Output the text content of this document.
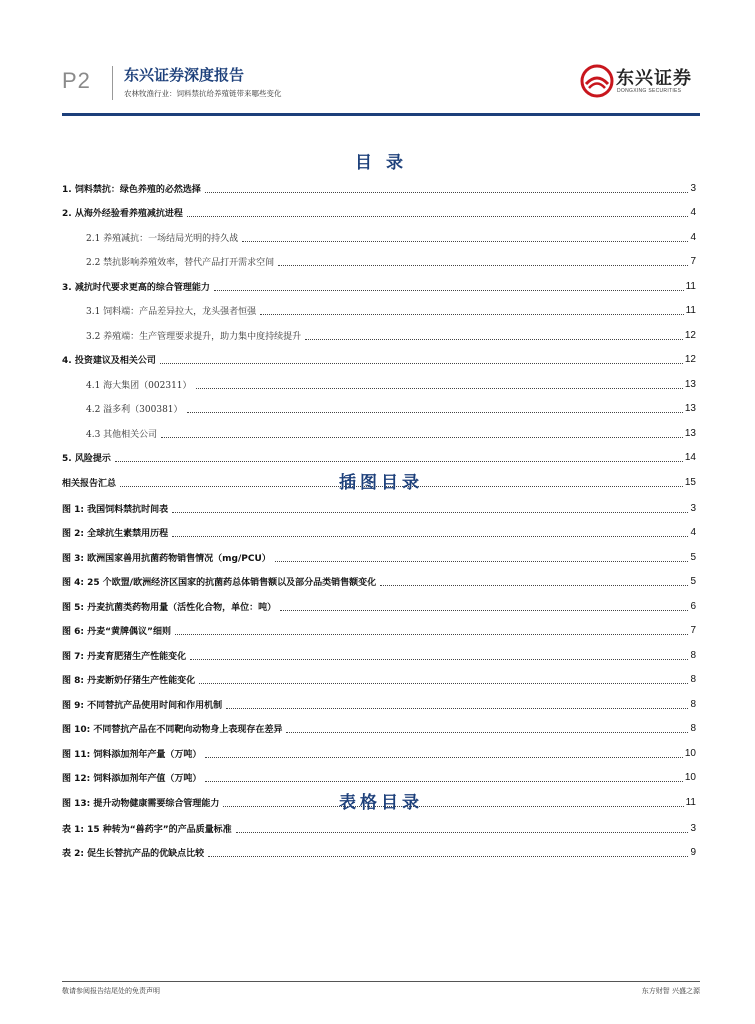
P2 东兴证券深度报告
农林牧渔行业：饲料禁抗给养殖链带来哪些变化
东兴证券
DONGXING SECURITIES
目 录
1. 饲料禁抗：绿色养殖的必然选择	3
2. 从海外经验看养殖减抗进程	4
2.1 养殖减抗：一场结局光明的持久战	4
2.2 禁抗影响养殖效率，替代产品打开需求空间	7
3. 减抗时代要求更高的综合管理能力	11
3.1 饲料端：产品差异拉大，龙头强者恒强	11
3.2 养殖端：生产管理要求提升，助力集中度持续提升	12
4. 投资建议及相关公司	12
4.1 海大集团（002311）	13
4.2 溢多利（300381）	13
4.3 其他相关公司	13
5. 风险提示	14
相关报告汇总	15
插图目录
图 1: 我国饲料禁抗时间表	3
图 2: 全球抗生素禁用历程	4
图 3: 欧洲国家兽用抗菌药物销售情况（mg/PCU）	5
图 4: 25 个欧盟/欧洲经济区国家的抗菌药总体销售额以及部分品类销售额变化	5
图 5: 丹麦抗菌类药物用量（活性化合物，单位：吨）	6
图 6: 丹麦“黄牌偶议”细则	7
图 7: 丹麦育肥猪生产性能变化	8
图 8: 丹麦断奶仔猪生产性能变化	8
图 9: 不同替抗产品使用时间和作用机制	8
图 10: 不同替抗产品在不同靶向动物身上表现存在差异	8
图 11: 饲料添加剂年产量（万吨）	10
图 12: 饲料添加剂年产值（万吨）	10
图 13: 提升动物健康需要综合管理能力	11
表格目录
表 1: 15 种转为“兽药字”的产品质量标准	3
表 2: 促生长替抗产品的优缺点比较	9
敬请参阅报告结尾处的免责声明	东方财智 兴盛之源
